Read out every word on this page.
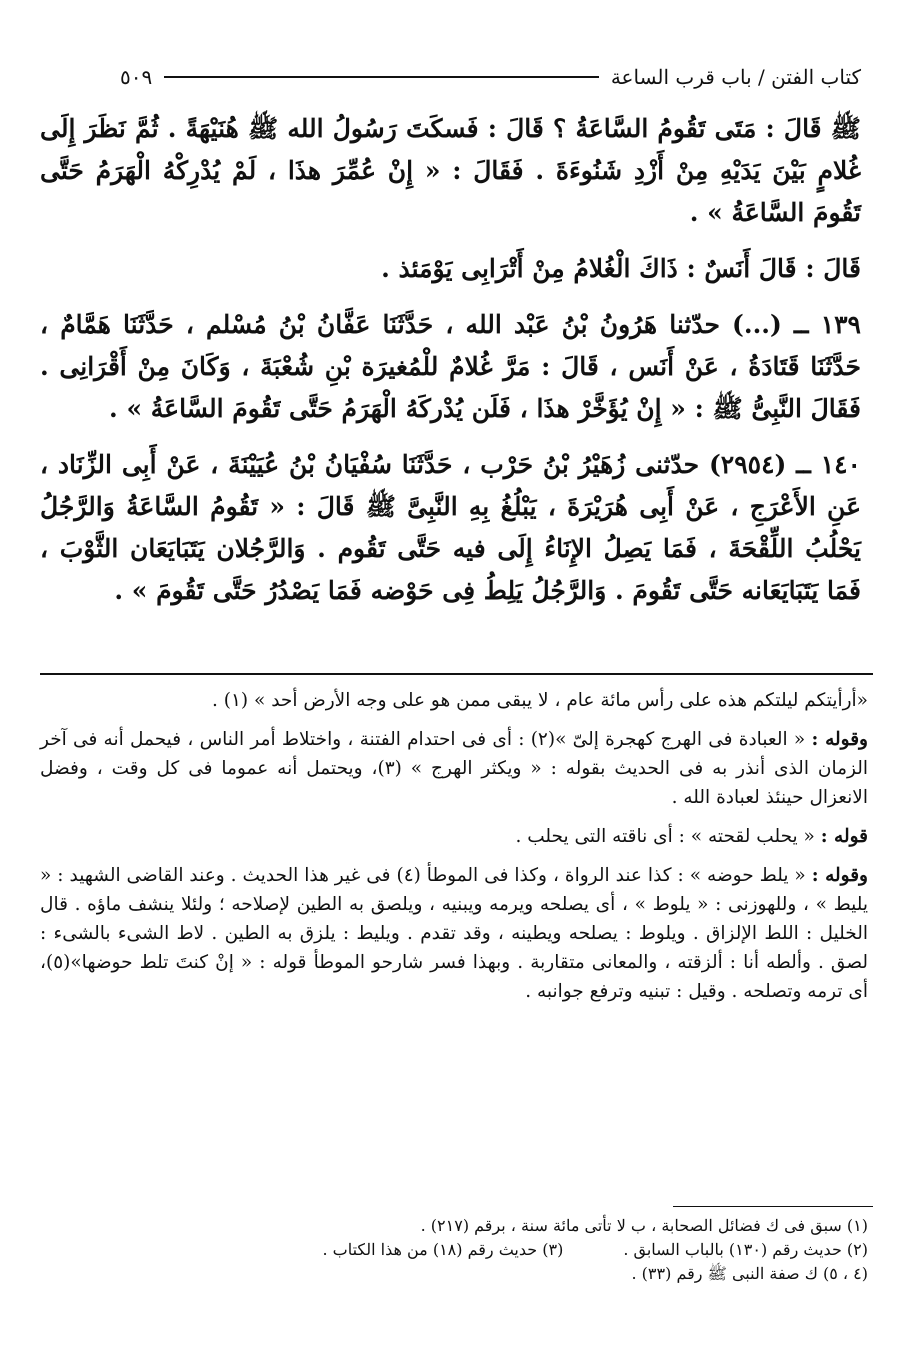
كتاب الفتن / باب قرب الساعة
٥٠٩

ﷺ قَالَ : مَتَى تَقُومُ السَّاعَةُ ؟ قَالَ : فَسكَتَ رَسُولُ الله ﷺ هُنَيْهَةً . ثُمَّ نَظَرَ إِلَى غُلامٍ بَيْنَ يَدَيْهِ مِنْ أَزْدِ شَنُوءَةَ . فَقَالَ : « إِنْ عُمِّرَ هذَا ، لَمْ يُدْرِكْهُ الْهَرَمُ حَتَّى تَقُومَ السَّاعَةُ » .

قَالَ : قَالَ أَنَسٌ : ذَاكَ الْغُلامُ مِنْ أَتْرَابِى يَوْمَئذ .

١٣٩ ــ (...) حدّثنا هَرُونُ بْنُ عَبْد الله ، حَدَّثَنَا عَفَّانُ بْنُ مُسْلم ، حَدَّثَنَا هَمَّامٌ ، حَدَّثَنَا قَتَادَةُ ، عَنْ أَنَس ، قَالَ : مَرَّ غُلامٌ للْمُغيرَة بْنِ شُعْبَةَ ، وَكَانَ مِنْ أَقْرَانِى . فَقَالَ النَّبِىُّ ﷺ : « إِنْ يُؤَخَّرْ هذَا ، فَلَن يُدْركَهُ الْهَرَمُ حَتَّى تَقُومَ السَّاعَةُ » .

١٤٠ ــ (٢٩٥٤) حدّثنى زُهَيْرُ بْنُ حَرْب ، حَدَّثَنَا سُفْيَانُ بْنُ عُيَيْنَةَ ، عَنْ أَبِى الزِّنَاد ، عَنِ الأَعْرَجِ ، عَنْ أَبِى هُرَيْرَةَ ، يَبْلُغُ بِهِ النَّبِىَّ ﷺ قَالَ : « تَقُومُ السَّاعَةُ وَالرَّجُلُ يَحْلُبُ اللِّقْحَةَ ، فَمَا يَصِلُ الإِنَاءُ إِلَى فيه حَتَّى تَقُوم . وَالرَّجُلان يَتَبَايَعَان الثَّوْبَ ، فَمَا يَتَبَايَعَانه حَتَّى تَقُومَ . وَالرَّجُلُ يَلِطُ فِى حَوْضه فَمَا يَصْدُرُ حَتَّى تَقُومَ » .

«أرأيتكم ليلتكم هذه على رأس مائة عام ، لا يبقى ممن هو على وجه الأرض أحد » (١) .

وقوله : « العبادة فى الهرج كهجرة إلىّ »(٢) : أى فى احتدام الفتنة ، واختلاط أمر الناس ، فيحمل أنه فى آخر الزمان الذى أنذر به فى الحديث بقوله : « ويكثر الهرج » (٣)، ويحتمل أنه عموما فى كل وقت ، وفضل الانعزال حينئذ لعبادة الله .

قوله : « يحلب لقحته » : أى ناقته التى يحلب .

وقوله : « يلط حوضه » : كذا عند الرواة ، وكذا فى الموطأ (٤) فى غير هذا الحديث . وعند القاضى الشهيد : « يليط » ، وللهوزنى : « يلوط » ، أى يصلحه ويرمه ويبنيه ، ويلصق به الطين لإصلاحه ؛ ولئلا ينشف ماؤه . قال الخليل : اللط الإلزاق . ويلوط : يصلحه ويطينه ، وقد تقدم . ويليط : يلزق به الطين . لاط الشىء بالشىء : لصق . وألطه أنا : ألزقته ، والمعانى متقاربة . وبهذا فسر شارحو الموطأ قوله : « إنْ كنتَ تلط حوضها»(٥)، أى ترمه وتصلحه . وقيل : تبنيه وترفع جوانبه .

(١) سبق فى ك فضائل الصحابة ، ب لا تأتى مائة سنة ، برقم (٢١٧) .

(٢) حديث رقم (١٣٠) بالباب السابق .
(٣) حديث رقم (١٨) من هذا الكتاب .

(٤ ، ٥) ك صفة النبى ﷺ رقم (٣٣) .
